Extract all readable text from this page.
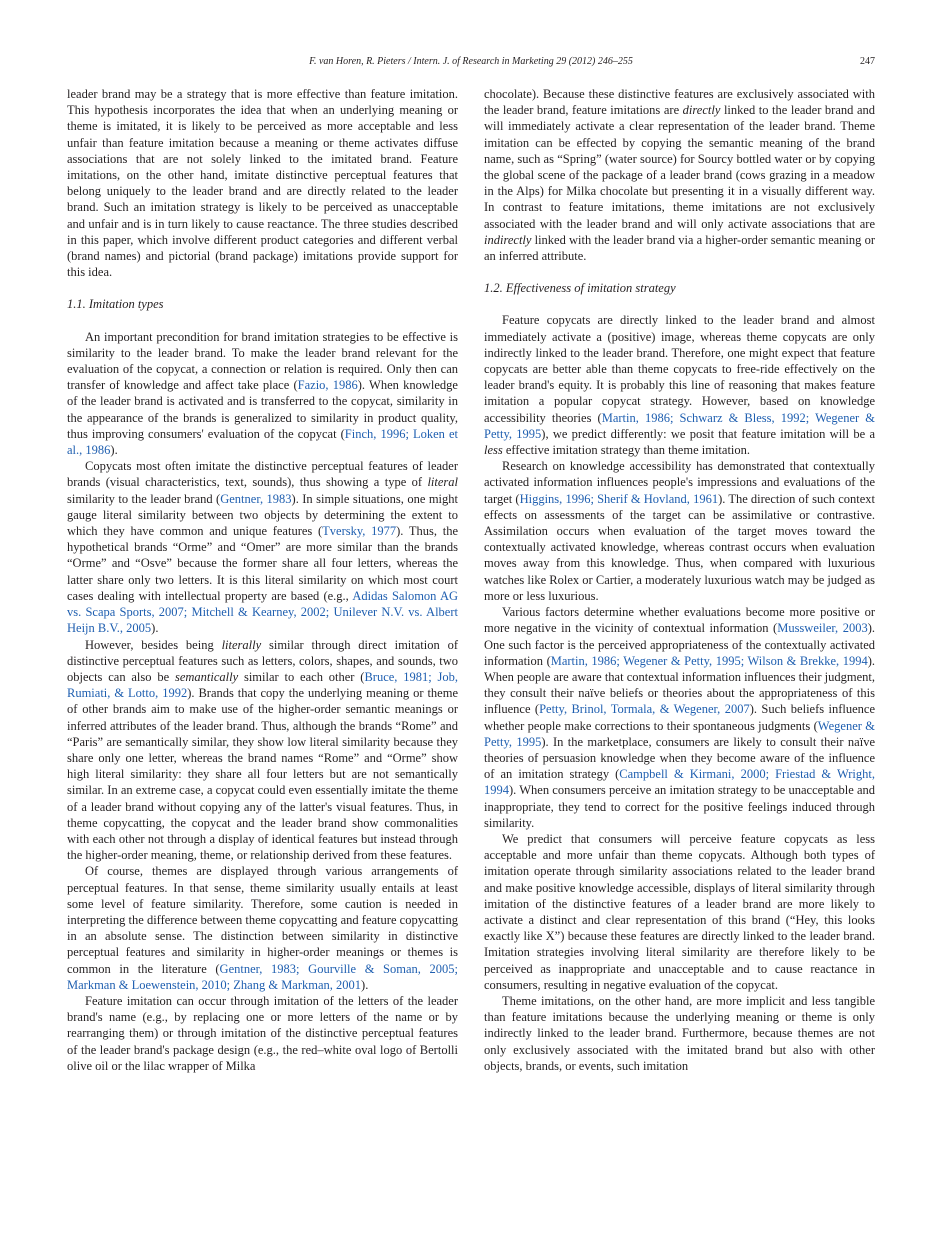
F. van Horen, R. Pieters / Intern. J. of Research in Marketing 29 (2012) 246–255	247

leader brand may be a strategy that is more effective than feature imitation. This hypothesis incorporates the idea that when an underlying meaning or theme is imitated, it is likely to be perceived as more acceptable and less unfair than feature imitation because a meaning or theme activates diffuse associations that are not solely linked to the imitated brand. Feature imitations, on the other hand, imitate distinctive perceptual features that belong uniquely to the leader brand and are directly related to the leader brand. Such an imitation strategy is likely to be perceived as unacceptable and unfair and is in turn likely to cause reactance. The three studies described in this paper, which involve different product categories and different verbal (brand names) and pictorial (brand package) imitations provide support for this idea.

1.1. Imitation types

An important precondition for brand imitation strategies to be effective is similarity to the leader brand. To make the leader brand relevant for the evaluation of the copycat, a connection or relation is required. Only then can transfer of knowledge and affect take place (Fazio, 1986). When knowledge of the leader brand is activated and is transferred to the copycat, similarity in the appearance of the brands is generalized to similarity in product quality, thus improving consumers' evaluation of the copycat (Finch, 1996; Loken et al., 1986).

Copycats most often imitate the distinctive perceptual features of leader brands (visual characteristics, text, sounds), thus showing a type of literal similarity to the leader brand (Gentner, 1983). In simple situations, one might gauge literal similarity between two objects by determining the extent to which they have common and unique features (Tversky, 1977). Thus, the hypothetical brands “Orme” and “Omer” are more similar than the brands “Orme” and “Osve” because the former share all four letters, whereas the latter share only two letters. It is this literal similarity on which most court cases dealing with intellectual property are based (e.g., Adidas Salomon AG vs. Scapa Sports, 2007; Mitchell & Kearney, 2002; Unilever N.V. vs. Albert Heijn B.V., 2005).

However, besides being literally similar through direct imitation of distinctive perceptual features such as letters, colors, shapes, and sounds, two objects can also be semantically similar to each other (Bruce, 1981; Job, Rumiati, & Lotto, 1992). Brands that copy the underlying meaning or theme of other brands aim to make use of the higher-order semantic meanings or inferred attributes of the leader brand. Thus, although the brands “Rome” and “Paris” are semantically similar, they show low literal similarity because they share only one letter, whereas the brand names “Rome” and “Orme” show high literal similarity: they share all four letters but are not semantically similar. In an extreme case, a copycat could even essentially imitate the theme of a leader brand without copying any of the latter's visual features. Thus, in theme copycatting, the copycat and the leader brand show commonalities with each other not through a display of identical features but instead through the higher-order meaning, theme, or relationship derived from these features.

Of course, themes are displayed through various arrangements of perceptual features. In that sense, theme similarity usually entails at least some level of feature similarity. Therefore, some caution is needed in interpreting the difference between theme copycatting and feature copycatting in an absolute sense. The distinction between similarity in distinctive perceptual features and similarity in higher-order meanings or themes is common in the literature (Gentner, 1983; Gourville & Soman, 2005; Markman & Loewenstein, 2010; Zhang & Markman, 2001).

Feature imitation can occur through imitation of the letters of the leader brand's name (e.g., by replacing one or more letters of the name or by rearranging them) or through imitation of the distinctive perceptual features of the leader brand's package design (e.g., the red–white oval logo of Bertolli olive oil or the lilac wrapper of Milka

chocolate). Because these distinctive features are exclusively associated with the leader brand, feature imitations are directly linked to the leader brand and will immediately activate a clear representation of the leader brand. Theme imitation can be effected by copying the semantic meaning of the brand name, such as “Spring” (water source) for Sourcy bottled water or by copying the global scene of the package of a leader brand (cows grazing in a meadow in the Alps) for Milka chocolate but presenting it in a visually different way. In contrast to feature imitations, theme imitations are not exclusively associated with the leader brand and will only activate associations that are indirectly linked with the leader brand via a higher-order semantic meaning or an inferred attribute.

1.2. Effectiveness of imitation strategy

Feature copycats are directly linked to the leader brand and almost immediately activate a (positive) image, whereas theme copycats are only indirectly linked to the leader brand. Therefore, one might expect that feature copycats are better able than theme copycats to free-ride effectively on the leader brand's equity. It is probably this line of reasoning that makes feature imitation a popular copycat strategy. However, based on knowledge accessibility theories (Martin, 1986; Schwarz & Bless, 1992; Wegener & Petty, 1995), we predict differently: we posit that feature imitation will be a less effective imitation strategy than theme imitation.

Research on knowledge accessibility has demonstrated that contextually activated information influences people's impressions and evaluations of the target (Higgins, 1996; Sherif & Hovland, 1961). The direction of such context effects on assessments of the target can be assimilative or contrastive. Assimilation occurs when evaluation of the target moves toward the contextually activated knowledge, whereas contrast occurs when evaluation moves away from this knowledge. Thus, when compared with luxurious watches like Rolex or Cartier, a moderately luxurious watch may be judged as more or less luxurious.

Various factors determine whether evaluations become more positive or more negative in the vicinity of contextual information (Mussweiler, 2003). One such factor is the perceived appropriateness of the contextually activated information (Martin, 1986; Wegener & Petty, 1995; Wilson & Brekke, 1994). When people are aware that contextual information influences their judgment, they consult their naïve beliefs or theories about the appropriateness of this influence (Petty, Brinol, Tormala, & Wegener, 2007). Such beliefs influence whether people make corrections to their spontaneous judgments (Wegener & Petty, 1995). In the marketplace, consumers are likely to consult their naïve theories of persuasion knowledge when they become aware of the influence of an imitation strategy (Campbell & Kirmani, 2000; Friestad & Wright, 1994). When consumers perceive an imitation strategy to be unacceptable and inappropriate, they tend to correct for the positive feelings induced through similarity.

We predict that consumers will perceive feature copycats as less acceptable and more unfair than theme copycats. Although both types of imitation operate through similarity associations related to the leader brand and make positive knowledge accessible, displays of literal similarity through imitation of the distinctive features of a leader brand are more likely to activate a distinct and clear representation of this brand (“Hey, this looks exactly like X”) because these features are directly linked to the leader brand. Imitation strategies involving literal similarity are therefore likely to be perceived as inappropriate and unacceptable and to cause reactance in consumers, resulting in negative evaluation of the copycat.

Theme imitations, on the other hand, are more implicit and less tangible than feature imitations because the underlying meaning or theme is only indirectly linked to the leader brand. Furthermore, because themes are not only exclusively associated with the imitated brand but also with other objects, brands, or events, such imitation
